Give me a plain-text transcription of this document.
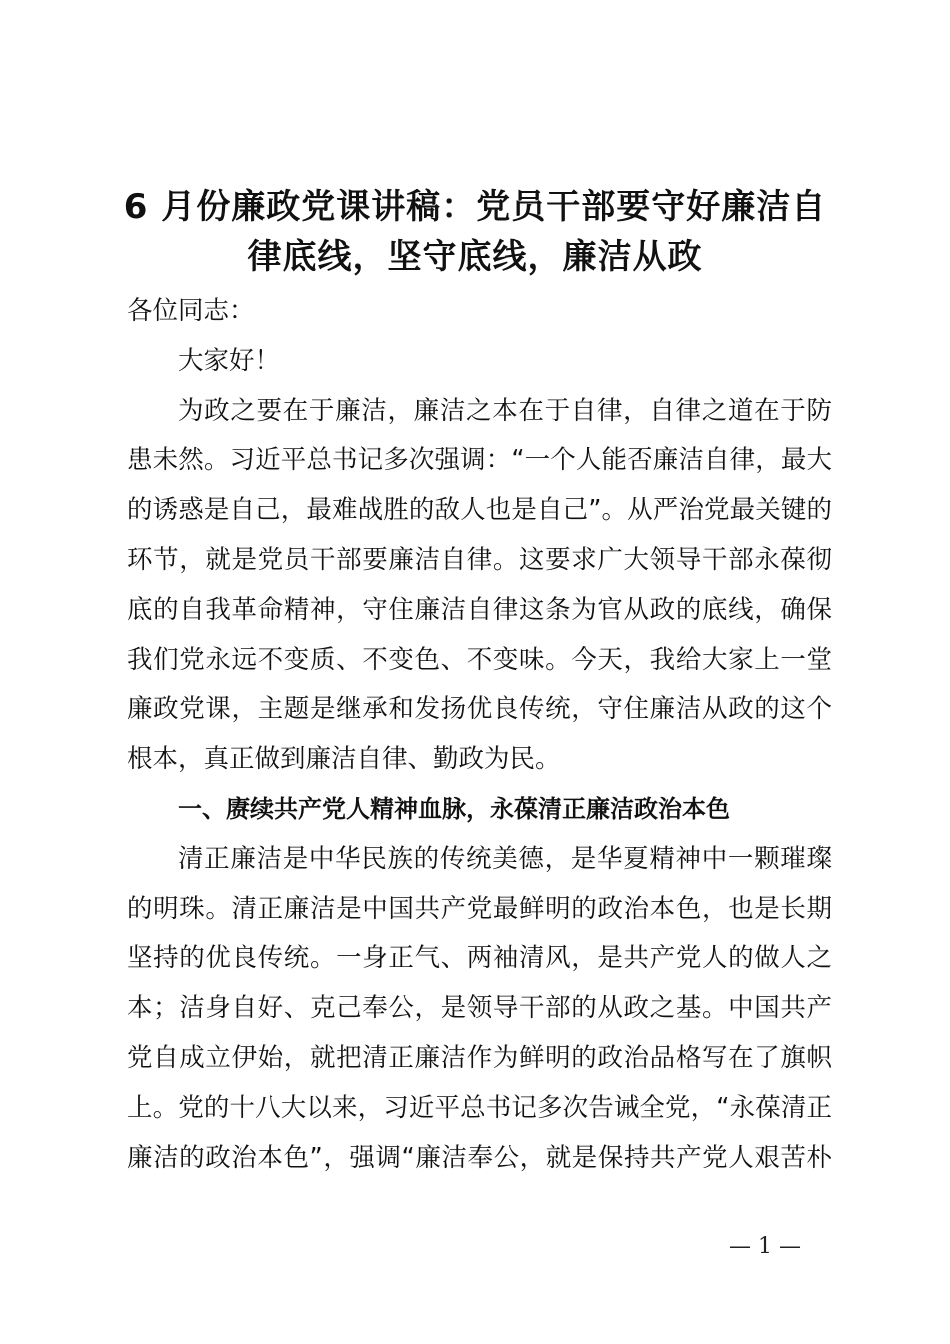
6 月份廉政党课讲稿：党员干部要守好廉洁自
律底线，坚守底线，廉洁从政

各位同志：

大家好！

为政之要在于廉洁，廉洁之本在于自律，自律之道在于防
患未然。习近平总书记多次强调：“一个人能否廉洁自律，最大
的诱惑是自己，最难战胜的敌人也是自己”。从严治党最关键的
环节，就是党员干部要廉洁自律。这要求广大领导干部永葆彻
底的自我革命精神，守住廉洁自律这条为官从政的底线，确保
我们党永远不变质、不变色、不变味。今天，我给大家上一堂
廉政党课，主题是继承和发扬优良传统，守住廉洁从政的这个
根本，真正做到廉洁自律、勤政为民。

一、赓续共产党人精神血脉，永葆清正廉洁政治本色

清正廉洁是中华民族的传统美德，是华夏精神中一颗璀璨
的明珠。清正廉洁是中国共产党最鲜明的政治本色，也是长期
坚持的优良传统。一身正气、两袖清风，是共产党人的做人之
本；洁身自好、克己奉公，是领导干部的从政之基。中国共产
党自成立伊始，就把清正廉洁作为鲜明的政治品格写在了旗帜
上。党的十八大以来，习近平总书记多次告诫全党，“永葆清正
廉洁的政治本色”，强调“廉洁奉公，就是保持共产党人艰苦朴
— 1 —
